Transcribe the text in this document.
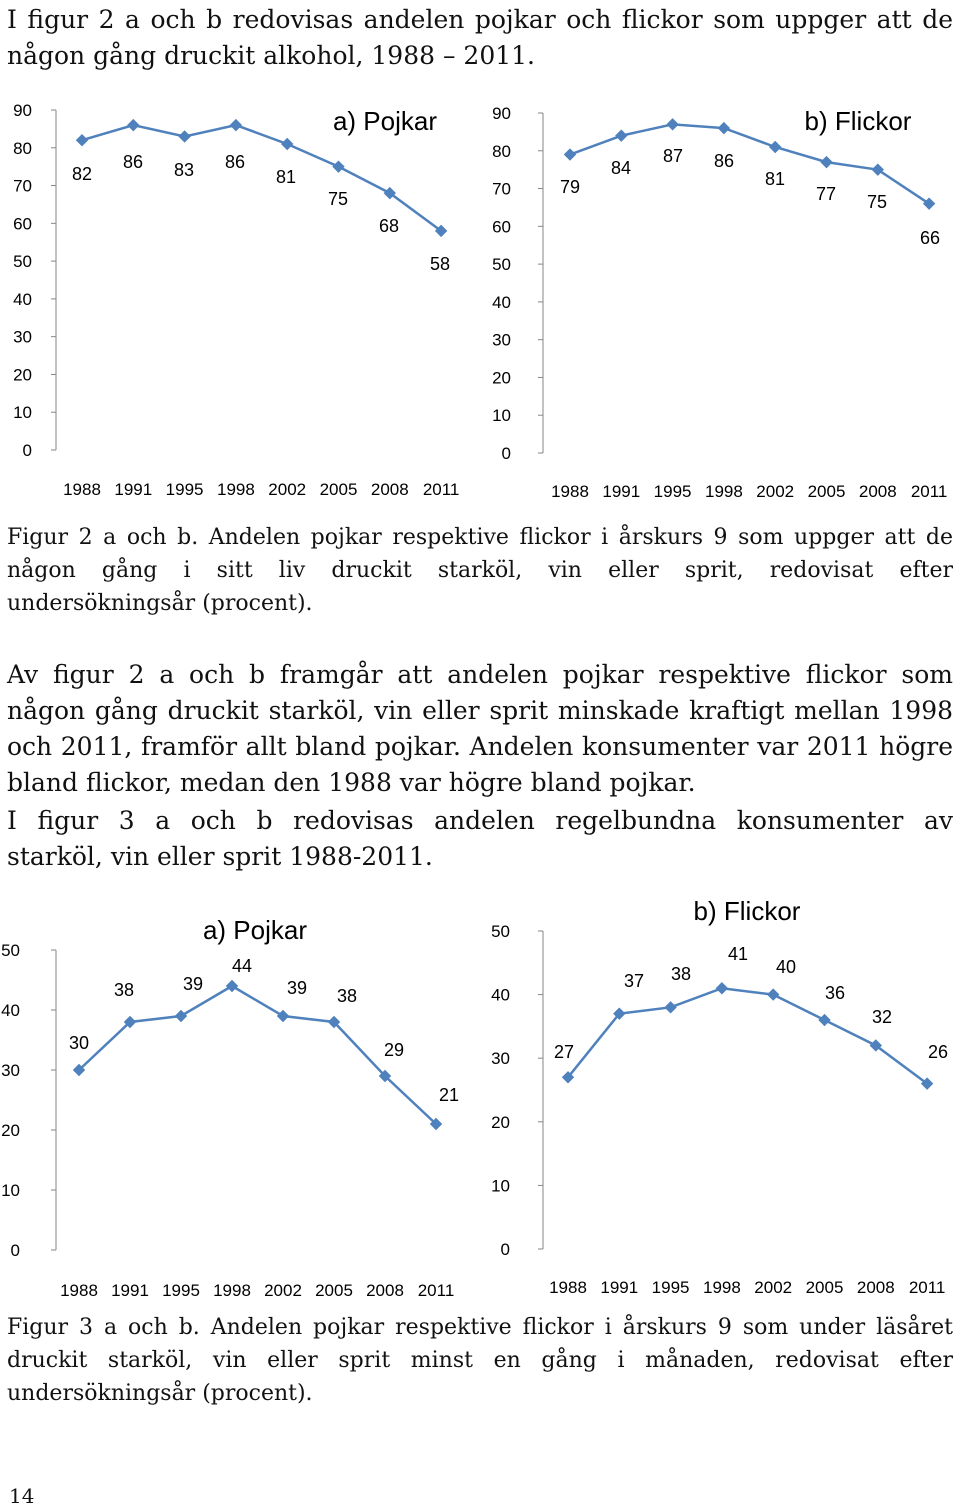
I figur 2 a och b redovisas andelen pojkar och flickor som uppger att de någon gång druckit alkohol, 1988 – 2011.

a) Pojkar
0
10
20
30
40
50
60
70
80
90
1988 1991 1995 1998 2002 2005 2008 2011
82
86 83 86
81
75
68
58
b) Flickor
0
10
20
30
40
50
60
70
80
90
1988 1991 1995 1998 2002 2005 2008 2011
79
84
87 86
81
77 75
66

Figur 2 a och b. Andelen pojkar respektive flickor i årskurs 9 som uppger att de

någon gång i sitt liv druckit starköl, vin eller sprit, redovisat efter

undersökningsår (procent).

Av figur 2 a och b framgår att andelen pojkar respektive flickor som någon gång druckit starköl, vin eller sprit minskade kraftigt mellan 1998 och 2011, framför allt bland pojkar. Andelen konsumenter var 2011 högre bland flickor, medan den 1988 var högre bland pojkar.

I figur 3 a och b redovisas andelen regelbundna konsumenter av

starköl, vin eller sprit 1988-2011.

a) Pojkar
0
10
20
30
40
50
1988 1991 1995 1998 2002 2005 2008 2011
30
38	39
44
39 38
29
21
b) Flickor
0
10
20
30
40
50
1988 1991 1995 1998 2002 2005 2008 2011
27
37 38
41
40
36
32
26

Figur 3 a och b. Andelen pojkar respektive flickor i årskurs 9 som under läsåret

druckit starköl, vin eller sprit minst en gång i månaden, redovisat efter

undersökningsår (procent).

14
